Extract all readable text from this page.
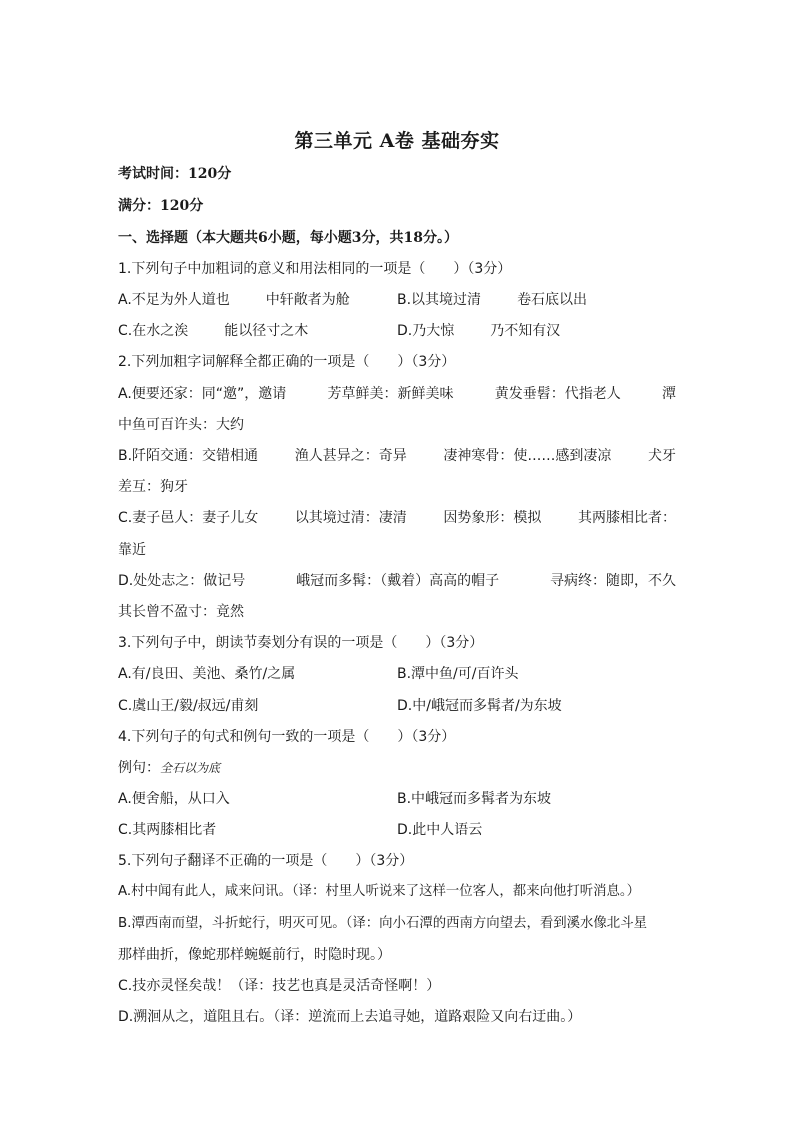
第三单元 A卷 基础夯实
考试时间：120分
满分：120分
一、选择题（本大题共6小题，每小题3分，共18分。）
1.下列句子中加粗词的意义和用法相同的一项是（　　）（3分）
A.不足为外人道也	中轩敞者为舱	B.以其境过清	卷石底以出
C.在水之涘	能以径寸之木	D.乃大惊	乃不知有汉
2.下列加粗字词解释全都正确的一项是（　　）（3分）
A.便要还家：同“邀”，邀请	芳草鲜美：新鲜美味	黄发垂髫：代指老人	潭
中鱼可百许头：大约
B.阡陌交通：交错相通	渔人甚异之：奇异	凄神寒骨：使……感到凄凉	犬牙
差互：狗牙
C.妻子邑人：妻子儿女	以其境过清：凄清	因势象形：模拟	其两膝相比者：
靠近
D.处处志之：做记号	峨冠而多髯：（戴着）高高的帽子	寻病终：随即，不久
其长曾不盈寸：竟然
3.下列句子中，朗读节奏划分有误的一项是（　　）（3分）
A.有/良田、美池、桑竹/之属	B.潭中鱼/可/百许头
C.虞山王/毅/叔远/甫刻	D.中/峨冠而多髯者/为东坡
4.下列句子的句式和例句一致的一项是（　　）（3分）
例句：全石以为底
A.便舍船，从口入	B.中峨冠而多髯者为东坡
C.其两膝相比者	D.此中人语云
5.下列句子翻译不正确的一项是（　　）（3分）
A.村中闻有此人，咸来问讯。（译：村里人听说来了这样一位客人，都来向他打听消息。）
B.潭西南而望，斗折蛇行，明灭可见。（译：向小石潭的西南方向望去，看到溪水像北斗星
那样曲折，像蛇那样蜿蜒前行，时隐时现。）
C.技亦灵怪矣哉！（译：技艺也真是灵活奇怪啊！）
D.溯洄从之，道阻且右。（译：逆流而上去追寻她，道路艰险又向右迂曲。）
